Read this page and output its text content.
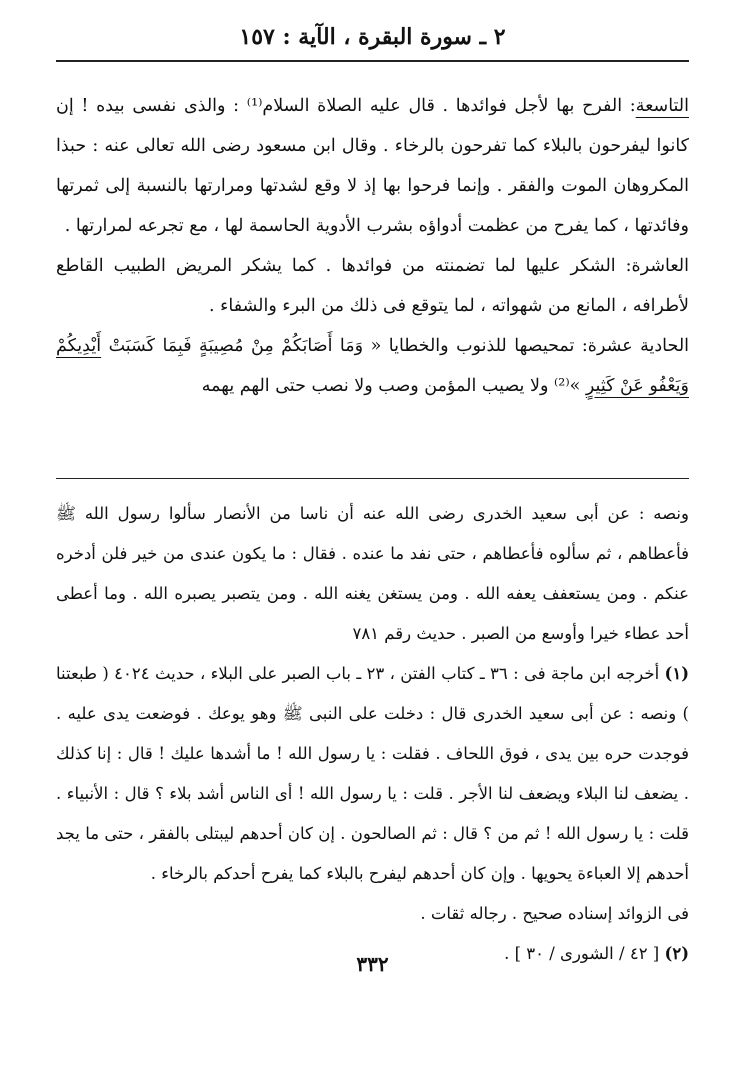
٢ ـ سورة البقرة ، الآية : ١٥٧

التاسعة: الفرح بها لأجل فوائدها . قال عليه الصلاة السلام⁽¹⁾ : والذى نفسى بيده ! إن كانوا ليفرحون بالبلاء كما تفرحون بالرخاء . وقال ابن مسعود رضى الله تعالى عنه : حبذا المكروهان الموت والفقر . وإنما فرحوا بها إذ لا وقع لشدتها ومرارتها بالنسبة إلى ثمرتها وفائدتها ، كما يفرح من عظمت أدواؤه بشرب الأدوية الحاسمة لها ، مع تجرعه لمرارتها .

العاشرة: الشكر عليها لما تضمنته من فوائدها . كما يشكر المريض الطبيب القاطع لأطرافه ، المانع من شهواته ، لما يتوقع فى ذلك من البرء والشفاء .

الحادية عشرة: تمحيصها للذنوب والخطايا « وَمَا أَصَابَكُمْ مِنْ مُصِيبَةٍ فَبِمَا كَسَبَتْ أَيْدِيكُمْ وَيَعْفُو عَنْ كَثِيرٍ »⁽²⁾ ولا يصيب المؤمن وصب ولا نصب حتى الهم يهمه

ونصه : عن أبى سعيد الخدرى رضى الله عنه أن ناسا من الأنصار سألوا رسول الله ﷺ فأعطاهم ، ثم سألوه فأعطاهم ، حتى نفد ما عنده . فقال : ما يكون عندى من خير فلن أدخره عنكم . ومن يستعفف يعفه الله . ومن يستغن يغنه الله . ومن يتصبر يصبره الله . وما أعطى أحد عطاء خيرا وأوسع من الصبر . حديث رقم ٧٨١

(١) أخرجه ابن ماجة فى : ٣٦ ـ كتاب الفتن ، ٢٣ ـ باب الصبر على البلاء ، حديث ٤٠٢٤ ( طبعتنا ) ونصه : عن أبى سعيد الخدرى قال : دخلت على النبى ﷺ وهو يوعك . فوضعت يدى عليه . فوجدت حره بين يدى ، فوق اللحاف . فقلت : يا رسول الله ! ما أشدها عليك ! قال : إنا كذلك . يضعف لنا البلاء ويضعف لنا الأجر . قلت : يا رسول الله ! أى الناس أشد بلاء ؟ قال : الأنبياء . قلت : يا رسول الله ! ثم من ؟ قال : ثم الصالحون . إن كان أحدهم ليبتلى بالفقر ، حتى ما يجد أحدهم إلا العباءة يحويها . وإن كان أحدهم ليفرح بالبلاء كما يفرح أحدكم بالرخاء .

فى الزوائد إسناده صحيح . رجاله ثقات .

(٢) [ ٤٢ / الشورى / ٣٠ ] .

٣٣٢
